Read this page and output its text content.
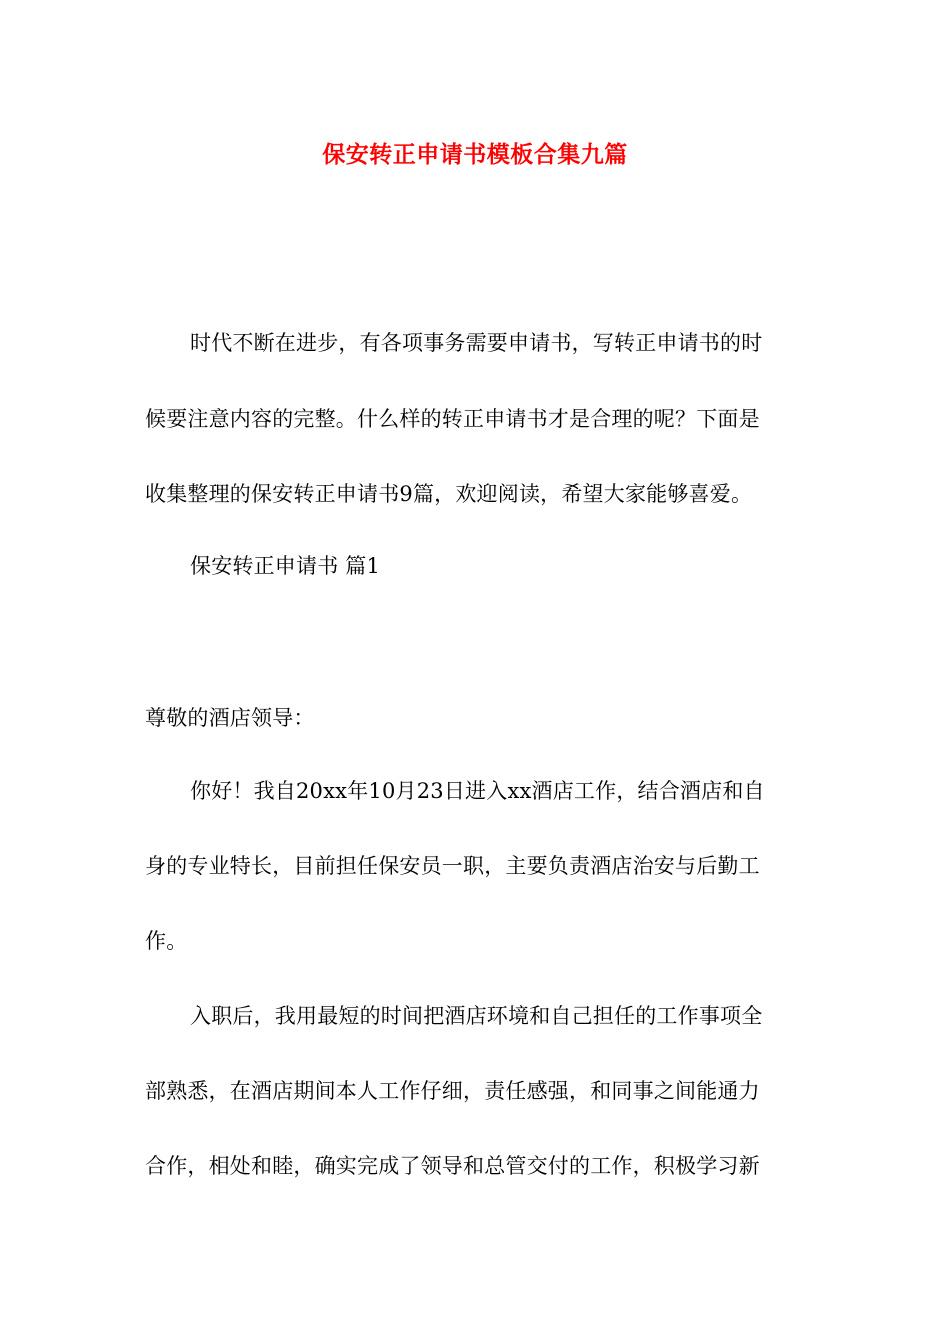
保安转正申请书模板合集九篇
时代不断在进步，有各项事务需要申请书，写转正申请书的时
候要注意内容的完整。什么样的转正申请书才是合理的呢？下面是
收集整理的保安转正申请书9篇，欢迎阅读，希望大家能够喜爱。
保安转正申请书 篇1
尊敬的酒店领导：
你好！我自20xx年10月23日进入xx酒店工作，结合酒店和自
身的专业特长，目前担任保安员一职，主要负责酒店治安与后勤工
作。
入职后，我用最短的时间把酒店环境和自己担任的工作事项全
部熟悉，在酒店期间本人工作仔细，责任感强，和同事之间能通力
合作，相处和睦，确实完成了领导和总管交付的工作，积极学习新
